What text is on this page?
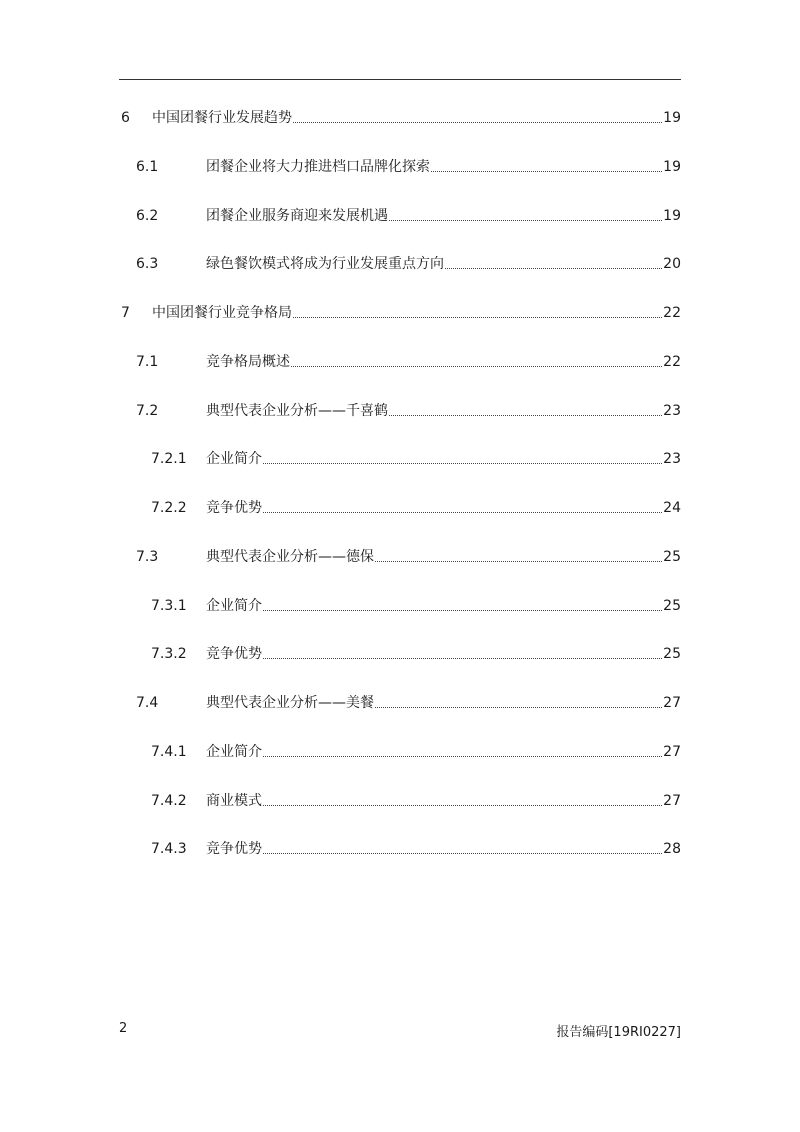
6 中国团餐行业发展趋势	19
6.1	团餐企业将大力推进档口品牌化探索	19
6.2	团餐企业服务商迎来发展机遇	19
6.3	绿色餐饮模式将成为行业发展重点方向	20
7 中国团餐行业竞争格局	22
7.1	竞争格局概述	22
7.2	典型代表企业分析——千喜鹤	23
7.2.1 企业简介	23
7.2.2 竞争优势	24
7.3	典型代表企业分析——德保	25
7.3.1 企业简介	25
7.3.2 竞争优势	25
7.4	典型代表企业分析——美餐	27
7.4.1 企业简介	27
7.4.2 商业模式	27
7.4.3 竞争优势	28
2	报告编码[19RI0227]
